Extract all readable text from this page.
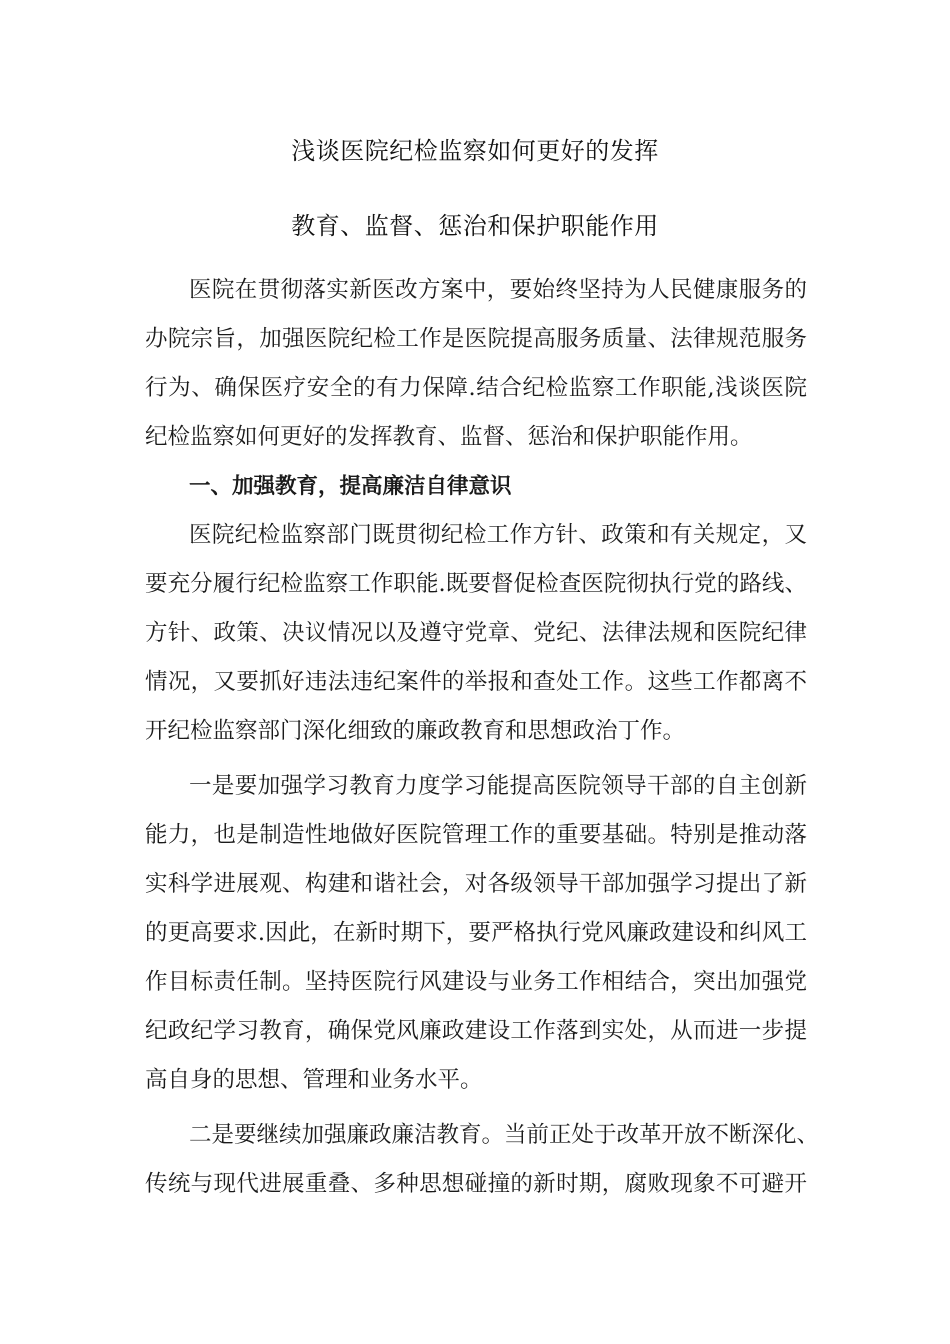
浅谈医院纪检监察如何更好的发挥
教育、监督、惩治和保护职能作用
医院在贯彻落实新医改方案中，要始终坚持为人民健康服务的
办院宗旨，加强医院纪检工作是医院提高服务质量、法律规范服务
行为、确保医疗安全的有力保障.结合纪检监察工作职能,浅谈医院
纪检监察如何更好的发挥教育、监督、惩治和保护职能作用。
一、加强教育，提高廉洁自律意识
医院纪检监察部门既贯彻纪检工作方针、政策和有关规定，又
要充分履行纪检监察工作职能.既要督促检查医院彻执行党的路线、
方针、政策、决议情况以及遵守党章、党纪、法律法规和医院纪律
情况，又要抓好违法违纪案件的举报和查处工作。这些工作都离不
开纪检监察部门深化细致的廉政教育和思想政治丁作。
一是要加强学习教育力度学习能提高医院领导干部的自主创新
能力，也是制造性地做好医院管理工作的重要基础。特别是推动落
实科学进展观、构建和谐社会，对各级领导干部加强学习提出了新
的更高要求.因此，在新时期下，要严格执行党风廉政建设和纠风工
作目标责任制。坚持医院行风建设与业务工作相结合，突出加强党
纪政纪学习教育，确保党风廉政建设工作落到实处，从而进一步提
高自身的思想、管理和业务水平。
二是要继续加强廉政廉洁教育。当前正处于改革开放不断深化、
传统与现代进展重叠、多种思想碰撞的新时期，腐败现象不可避开
